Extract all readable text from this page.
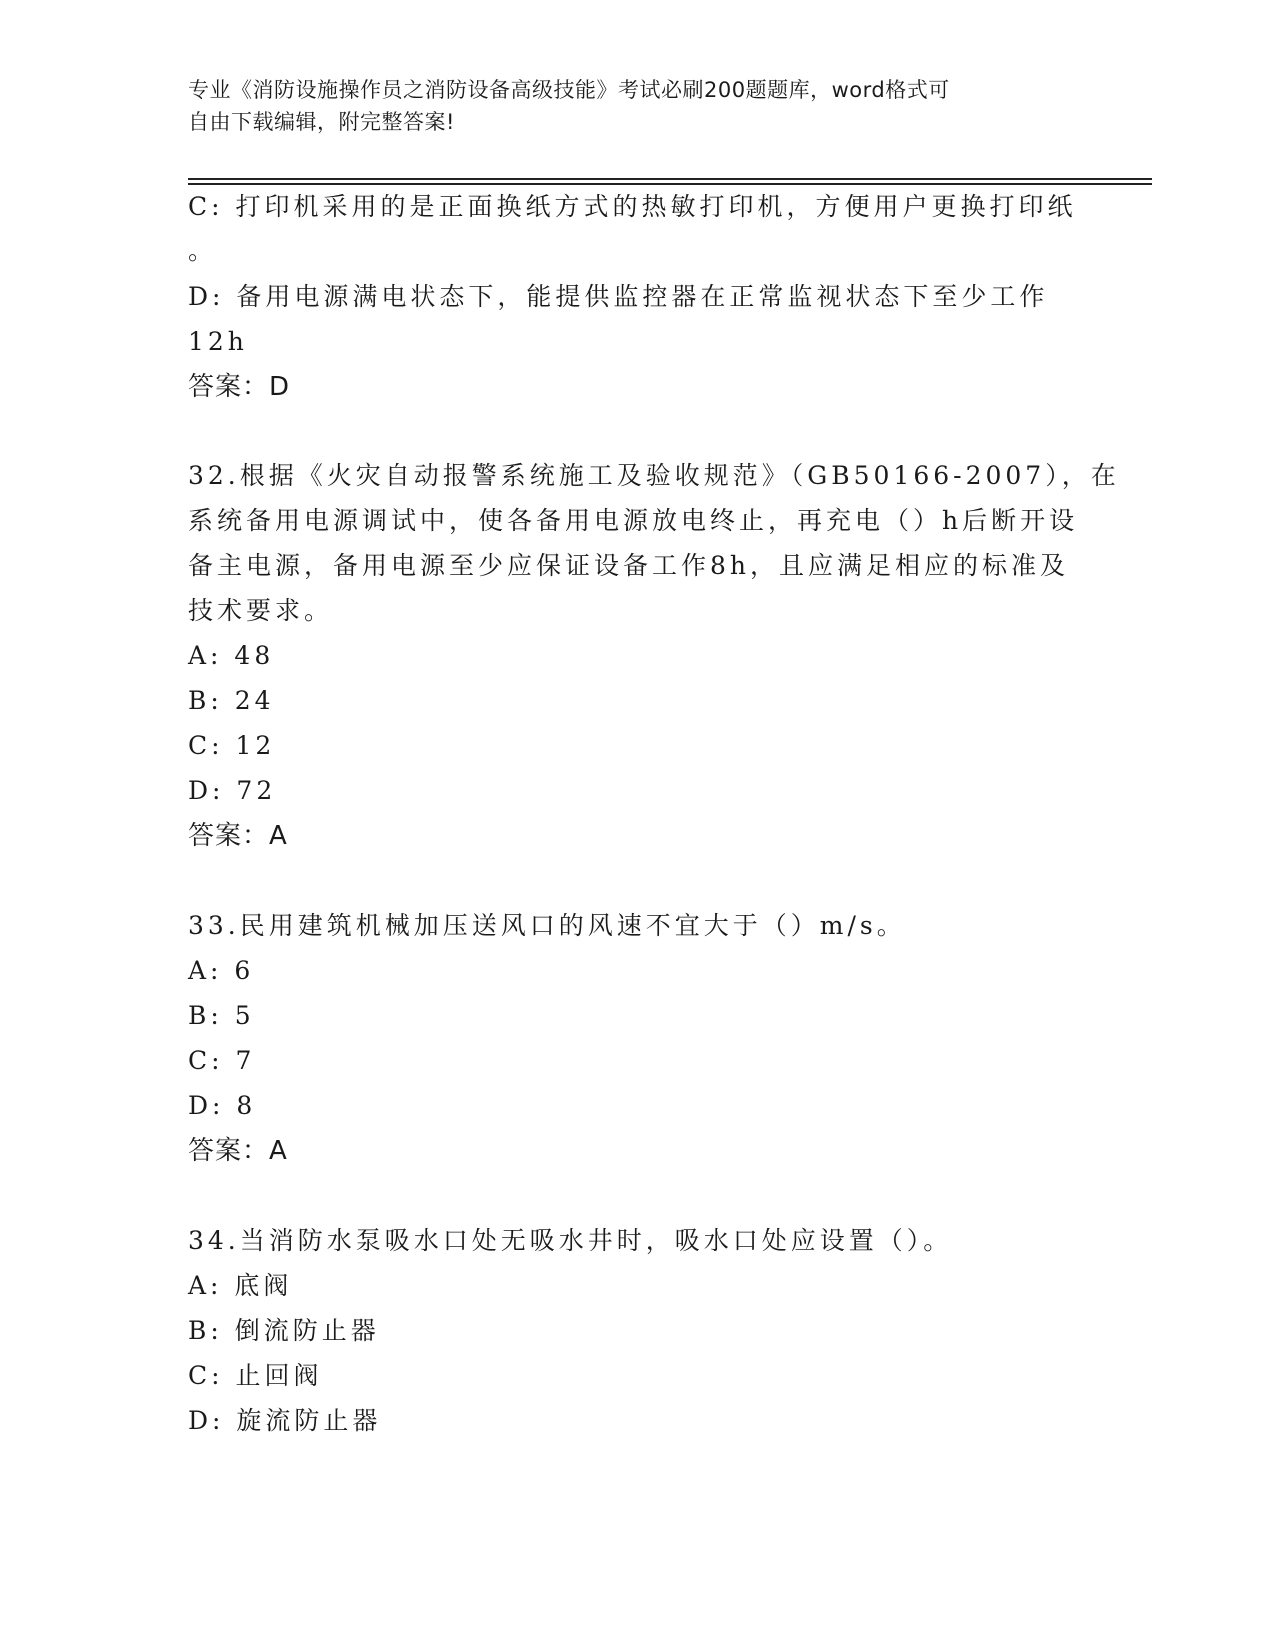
专业《消防设施操作员之消防设备高级技能》考试必刷200题题库，word格式可
自由下载编辑，附完整答案!
C: 打印机采用的是正面换纸方式的热敏打印机，方便用户更换打印纸
。
D: 备用电源满电状态下，能提供监控器在正常监视状态下至少工作
12h
答案：D
32.根据《火灾自动报警系统施工及验收规范》（GB50166-2007），在
系统备用电源调试中，使各备用电源放电终止，再充电（）h后断开设
备主电源，备用电源至少应保证设备工作8h，且应满足相应的标准及
技术要求。
A: 48
B: 24
C: 12
D: 72
答案：A
33.民用建筑机械加压送风口的风速不宜大于（）m/s。
A: 6
B: 5
C: 7
D: 8
答案：A
34.当消防水泵吸水口处无吸水井时，吸水口处应设置（）。
A: 底阀
B: 倒流防止器
C: 止回阀
D: 旋流防止器
